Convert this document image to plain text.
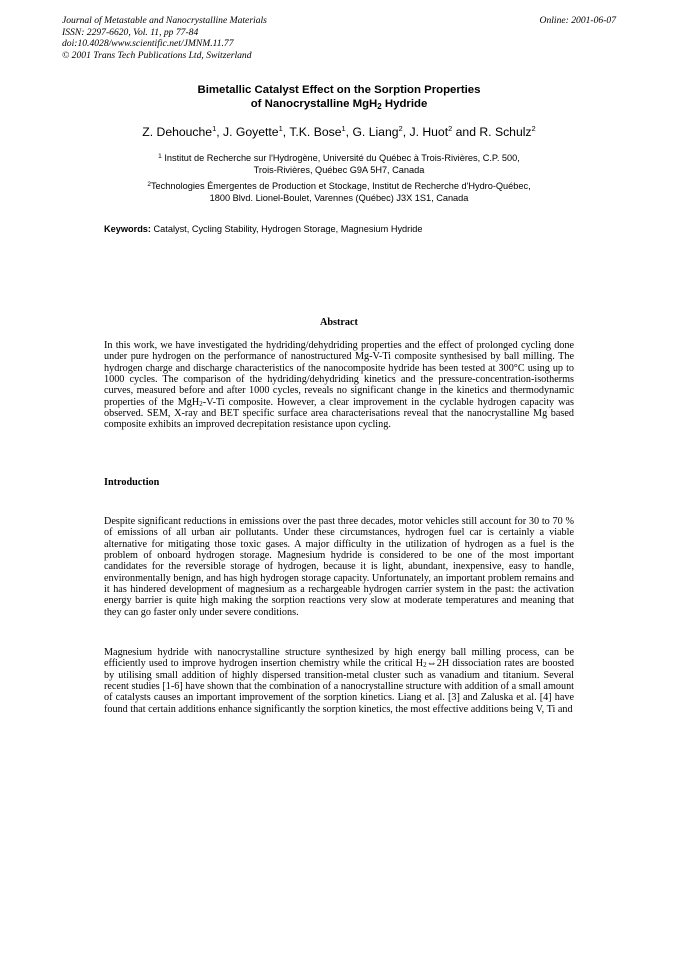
Journal of Metastable and Nanocrystalline Materials
ISSN: 2297-6620, Vol. 11, pp 77-84
doi:10.4028/www.scientific.net/JMNM.11.77
© 2001 Trans Tech Publications Ltd, Switzerland
Online: 2001-06-07
Bimetallic Catalyst Effect on the Sorption Properties
of Nanocrystalline MgH$_2$ Hydride
Z. Dehouche$^1$, J. Goyette$^1$, T.K. Bose$^1$, G. Liang$^2$, J. Huot$^2$ and R. Schulz$^2$
$^1$ Institut de Recherche sur l'Hydrogène, Université du Québec à Trois-Rivières, C.P. 500,
Trois-Rivières, Québec G9A 5H7, Canada
$^2$Technologies Émergentes de Production et Stockage, Institut de Recherche d'Hydro-Québec,
1800 Blvd. Lionel-Boulet, Varennes (Québec) J3X 1S1, Canada
Keywords: Catalyst, Cycling Stability, Hydrogen Storage, Magnesium Hydride
Abstract

In this work, we have investigated the hydriding/dehydriding properties and the effect of prolonged cycling done under pure hydrogen on the performance of nanostructured Mg-V-Ti composite synthesised by ball milling. The hydrogen charge and discharge characteristics of the nanocomposite hydride has been tested at 300°C using up to 1000 cycles. The comparison of the hydriding/dehydriding kinetics and the pressure-concentration-isotherms curves, measured before and after 1000 cycles, reveals no significant change in the kinetics and thermodynamic properties of the MgH$_2$-V-Ti composite. However, a clear improvement in the cyclable hydrogen capacity was observed. SEM, X-ray and BET specific surface area characterisations reveal that the nanocrystalline Mg based composite exhibits an improved decrepitation resistance upon cycling.

Introduction

Despite significant reductions in emissions over the past three decades, motor vehicles still account for 30 to 70 % of emissions of all urban air pollutants. Under these circumstances, hydrogen fuel car is certainly a viable alternative for mitigating those toxic gases. A major difficulty in the utilization of hydrogen as a fuel is the problem of onboard hydrogen storage. Magnesium hydride is considered to be one of the most important candidates for the reversible storage of hydrogen, because it is light, abundant, inexpensive, easy to handle, environmentally benign, and has high hydrogen storage capacity. Unfortunately, an important problem remains and it has hindered development of magnesium as a rechargeable hydrogen carrier system in the past: the activation energy barrier is quite high making the sorption reactions very slow at moderate temperatures and meaning that they can go faster only under severe conditions.

Magnesium hydride with nanocrystalline structure synthesized by high energy ball milling process, can be efficiently used to improve hydrogen insertion chemistry while the critical $H_2\Leftrightarrow 2H$ dissociation rates are boosted by utilising small addition of highly dispersed transition-metal cluster such as vanadium and titanium. Several recent studies [1-6] have shown that the combination of a nanocrystalline structure with addition of a small amount of catalysts causes an important improvement of the sorption kinetics. Liang et al. [3] and Zaluska et al. [4] have found that certain additions enhance significantly the sorption kinetics, the most effective additions being V, Ti and
